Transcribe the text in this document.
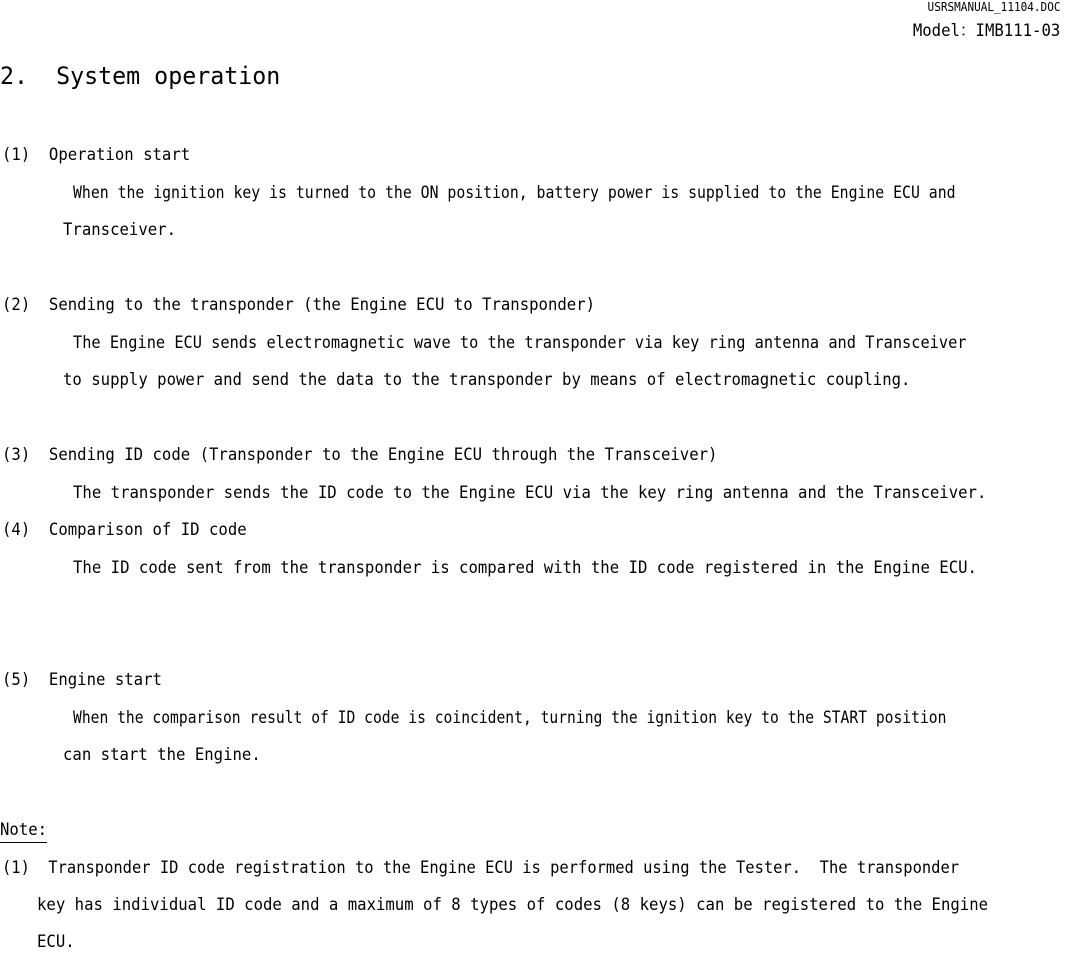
USRSMANUAL_11104.DOC
Model：IMB111-03
2.  System operation
(1) Operation start
When the ignition key is turned to the ON position, battery power is supplied to the Engine ECU and
Transceiver.
(2) Sending to the transponder (the Engine ECU to Transponder)
The Engine ECU sends electromagnetic wave to the transponder via key ring antenna and Transceiver
to supply power and send the data to the transponder by means of electromagnetic coupling.
(3) Sending ID code (Transponder to the Engine ECU through the Transceiver)
The transponder sends the ID code to the Engine ECU via the key ring antenna and the Transceiver.
(4) Comparison of ID code
The ID code sent from the transponder is compared with the ID code registered in the Engine ECU.
(5) Engine start
When the comparison result of ID code is coincident, turning the ignition key to the START position
can start the Engine.
Note:
(1) Transponder ID code registration to the Engine ECU is performed using the Tester.  The transponder
key has individual ID code and a maximum of 8 types of codes (8 keys) can be registered to the Engine
ECU.
